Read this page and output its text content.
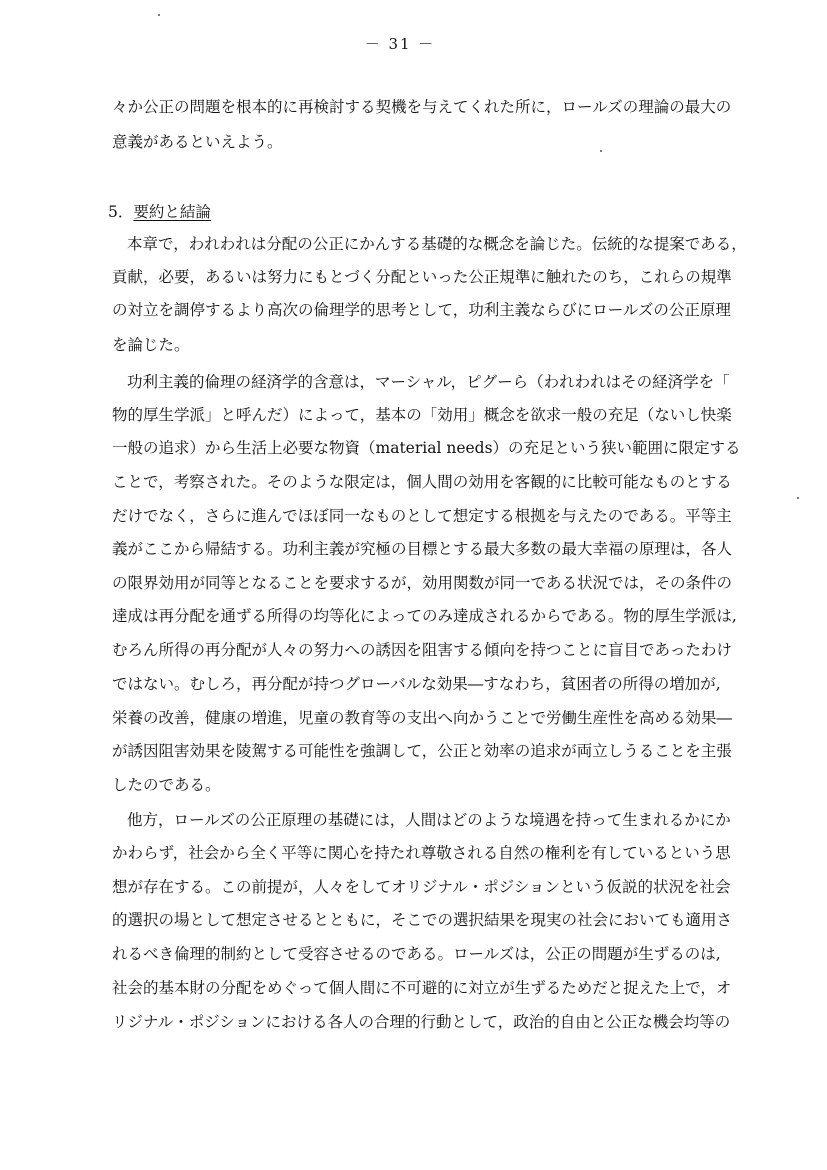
－ 31 －
々か公正の問題を根本的に再検討する契機を与えてくれた所に，ロールズの理論の最大の
意義があるといえよう。
5．要約と結論
本章で，われわれは分配の公正にかんする基礎的な概念を論じた。伝統的な提案である，
貢献，必要，あるいは努力にもとづく分配といった公正規準に触れたのち，これらの規準
の対立を調停するより高次の倫理学的思考として，功利主義ならびにロールズの公正原理
を論じた。
功利主義的倫理の経済学的含意は，マーシャル，ピグーら（われわれはその経済学を「
物的厚生学派」と呼んだ）によって，基本の「効用」概念を欲求一般の充足（ないし快楽
一般の追求）から生活上必要な物資（material needs）の充足という狭い範囲に限定する
ことで，考察された。そのような限定は，個人間の効用を客観的に比較可能なものとする
だけでなく，さらに進んでほぼ同一なものとして想定する根拠を与えたのである。平等主
義がここから帰結する。功利主義が究極の目標とする最大多数の最大幸福の原理は，各人
の限界効用が同等となることを要求するが，効用関数が同一である状況では，その条件の
達成は再分配を通ずる所得の均等化によってのみ達成されるからである。物的厚生学派は,
むろん所得の再分配が人々の努力への誘因を阻害する傾向を持つことに盲目であったわけ
ではない。むしろ，再分配が持つグローバルな効果―すなわち，貧困者の所得の増加が,
栄養の改善，健康の増進，児童の教育等の支出へ向かうことで労働生産性を高める効果―
が誘因阻害効果を陵駕する可能性を強調して，公正と効率の追求が両立しうることを主張
したのである。
他方，ロールズの公正原理の基礎には，人間はどのような境遇を持って生まれるかにか
かわらず，社会から全く平等に関心を持たれ尊敬される自然の権利を有しているという思
想が存在する。この前提が，人々をしてオリジナル・ポジションという仮説的状況を社会
的選択の場として想定させるとともに，そこでの選択結果を現実の社会においても適用さ
れるべき倫理的制約として受容させるのである。ロールズは，公正の問題が生ずるのは,
社会的基本財の分配をめぐって個人間に不可避的に対立が生ずるためだと捉えた上で，オ
リジナル・ポジションにおける各人の合理的行動として，政治的自由と公正な機会均等の
